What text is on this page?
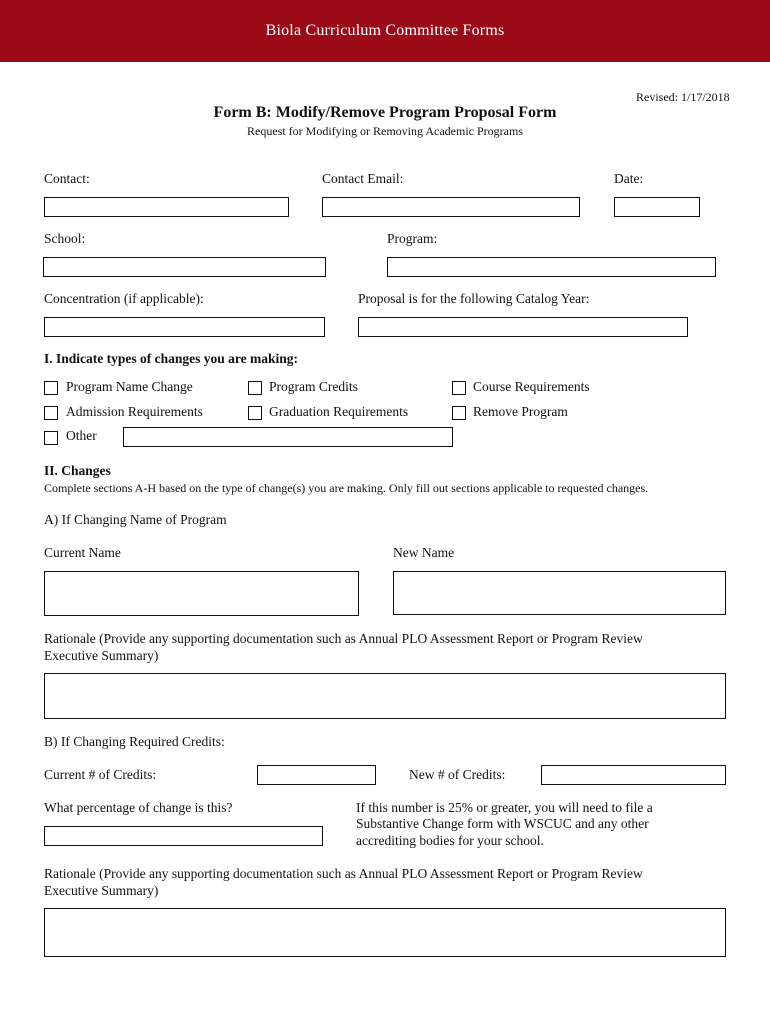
Biola Curriculum Committee Forms
Revised: 1/17/2018
Form B: Modify/Remove Program Proposal Form
Request for Modifying or Removing Academic Programs
Contact:	Contact Email:	Date:
School:	Program:
Concentration (if applicable):	Proposal is for the following Catalog Year:
I. Indicate types of changes you are making:
Program Name Change	Program Credits	Course Requirements
Admission Requirements	Graduation Requirements	Remove Program
Other
II. Changes
Complete sections A-H based on the type of change(s) you are making. Only fill out sections applicable to requested changes.
A) If Changing Name of Program
Current Name	New Name
Rationale (Provide any supporting documentation such as Annual PLO Assessment Report or Program Review
Executive Summary)
B) If Changing Required Credits:
Current # of Credits:	New # of Credits:
What percentage of change is this?	If this number is 25% or greater, you will need to file a
Substantive Change form with WSCUC and any other
accrediting bodies for your school.
Rationale (Provide any supporting documentation such as Annual PLO Assessment Report or Program Review
Executive Summary)
